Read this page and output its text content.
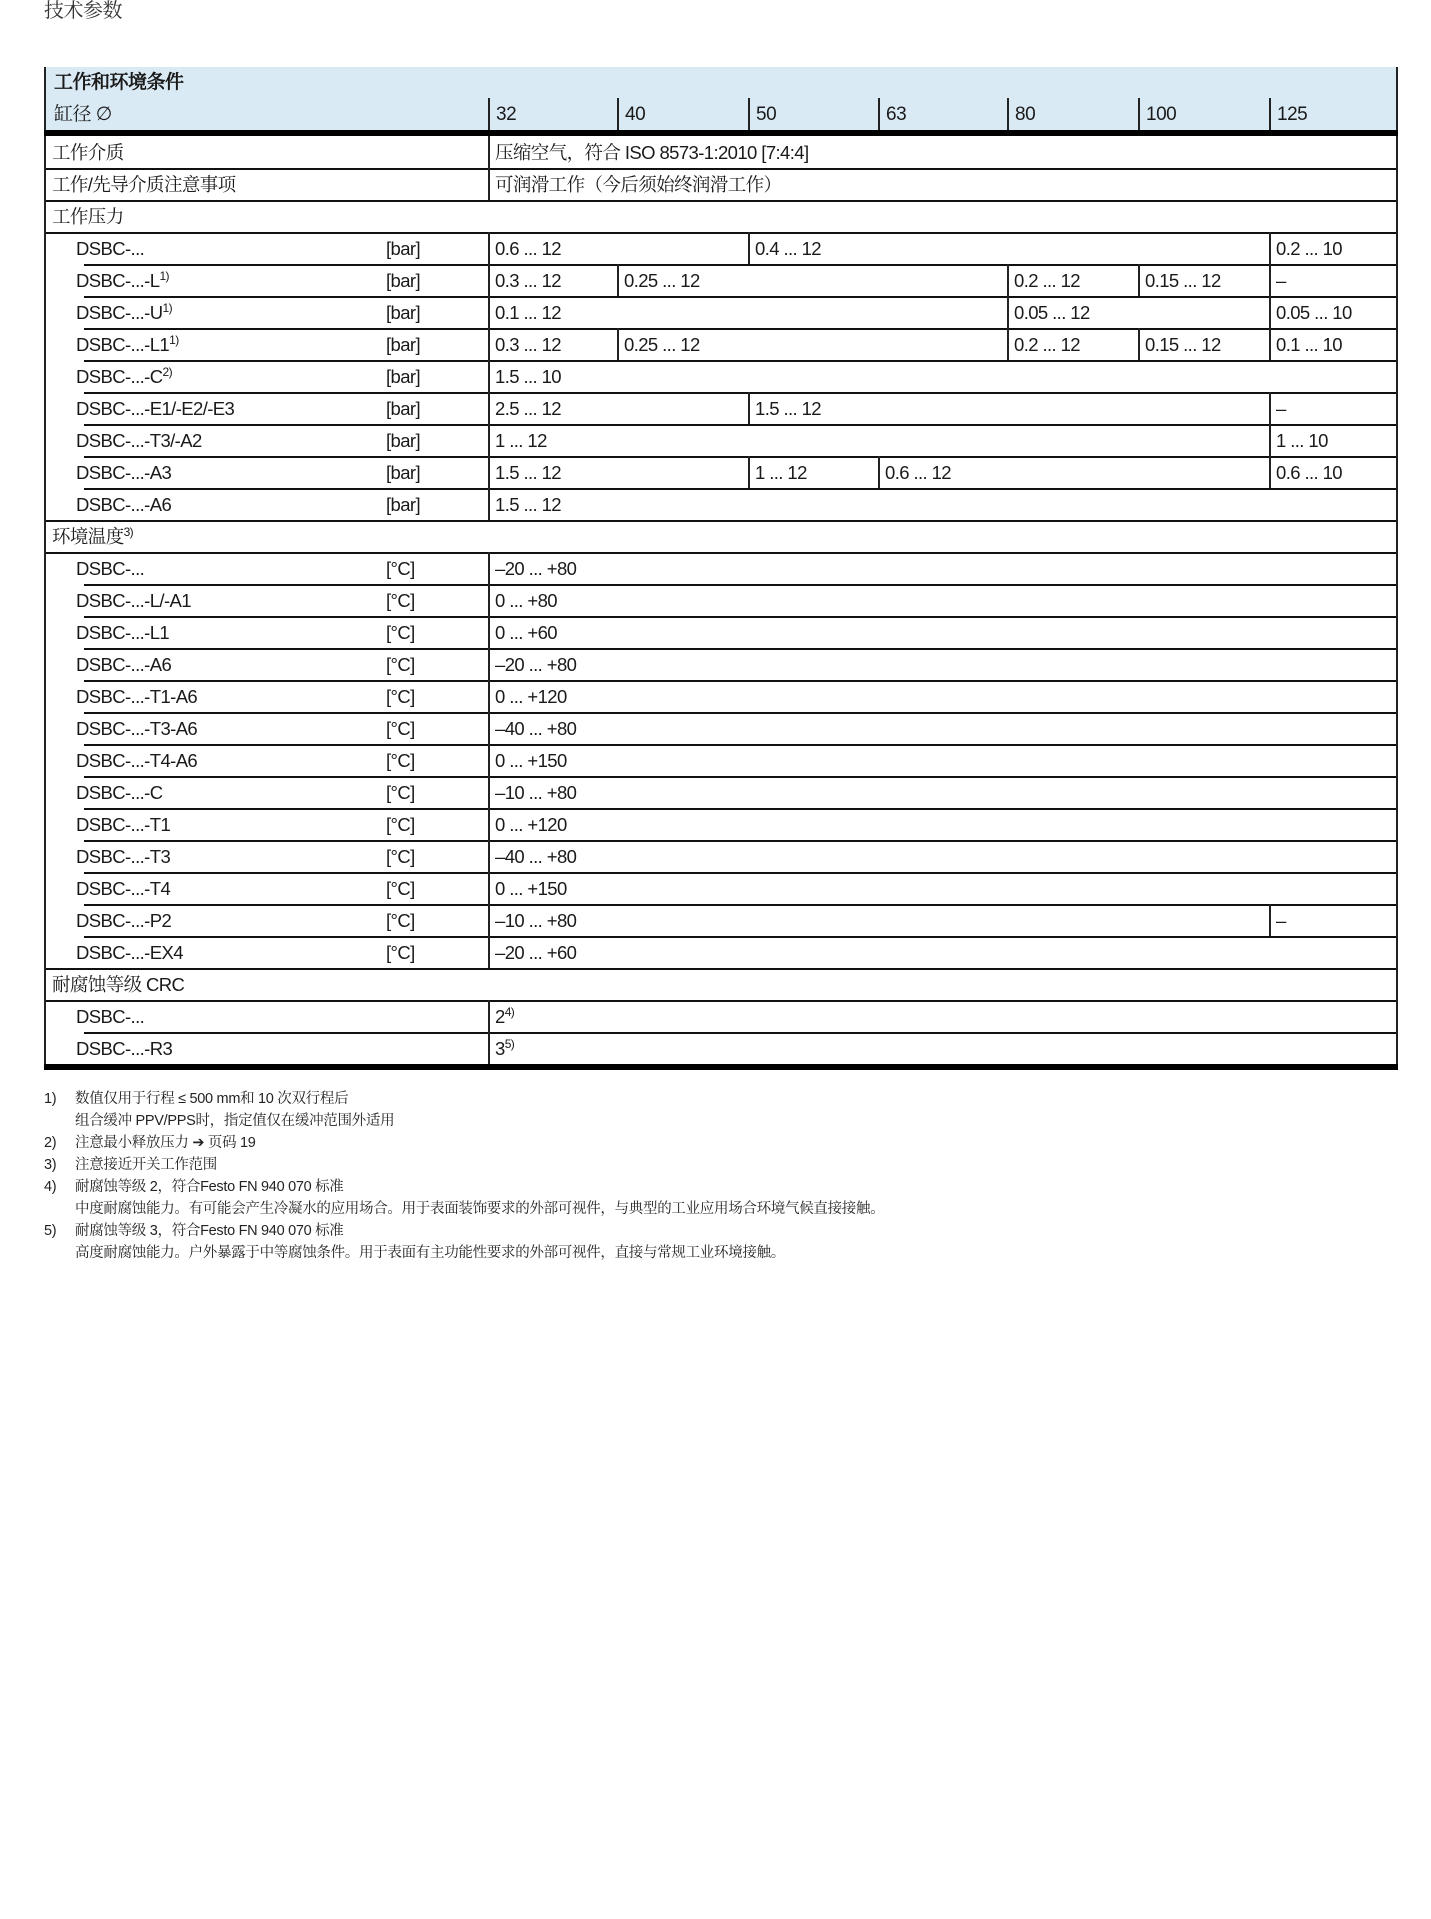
技术参数
工作和环境条件
缸径 ∅	32	40	50	63	80	100	125
工作介质	压缩空气，符合 ISO 8573-1:2010 [7:4:4]
工作/先导介质注意事项	可润滑工作（今后须始终润滑工作）
工作压力
DSBC-...	[bar]	0.6 ... 12	0.4 ... 12	0.2 ... 10
DSBC-$...-L^{1)}$	[bar]	0.3 ... 12	0.25 ... 12	0.2 ... 12	0.15 ... 12	–
DSBC-$...-U^{1)}$	[bar]	0.1 ... 12	0.05 ... 12	0.05 ... 10
DSBC-...-L1$^{1)}$	[bar]	0.3 ... 12	0.25 ... 12	0.2 ... 12	0.15 ... 12	0.1 ... 10
DSBC-$...-C^{2)}$	[bar]	1.5 ... 10
DSBC-...-E1/-E2/-E3	[bar]	2.5 ... 12	1.5 ... 12	–
DSBC-...-T3/-A2	[bar]	1 ... 12	1 ... 10
DSBC-...-A3	[bar]	1.5 ... 12	1 ... 12	0.6 ... 12	0.6 ... 10
DSBC-...-A6	[bar]	1.5 ... 12
环境温度$^{3)}$
DSBC-...	[°C]	–20 ... +80
DSBC-...-L/-A1	[°C]	0 ... +80
DSBC-...-L1	[°C]	0 ... +60
DSBC-...-A6	[°C]	–20 ... +80
DSBC-...-T1-A6	[°C]	0 ... +120
DSBC-...-T3-A6	[°C]	–40 ... +80
DSBC-...-T4-A6	[°C]	0 ... +150
DSBC-...-C	[°C]	–10 ... +80
DSBC-...-T1	[°C]	0 ... +120
DSBC-...-T3	[°C]	–40 ... +80
DSBC-...-T4	[°C]	0 ... +150
DSBC-...-P2	[°C]	–10 ... +80	–
DSBC-...-EX4	[°C]	–20 ... +60
耐腐蚀等级 CRC
DSBC-...	2$^{4)}$
DSBC-...-R3	3$^{5)}$
1)	数值仅用于行程 ≤ 500 mm和 10 次双行程后
组合缓冲 PPV/PPS时，指定值仅在缓冲范围外适用
2)	注意最小释放压力 ➔ 页码 19
3)	注意接近开关工作范围
4)	耐腐蚀等级 2，符合Festo FN 940 070 标准
中度耐腐蚀能力。有可能会产生冷凝水的应用场合。用于表面装饰要求的外部可视件，与典型的工业应用场合环境气候直接接触。
5)	耐腐蚀等级 3，符合Festo FN 940 070 标准
高度耐腐蚀能力。户外暴露于中等腐蚀条件。用于表面有主功能性要求的外部可视件，直接与常规工业环境接触。
